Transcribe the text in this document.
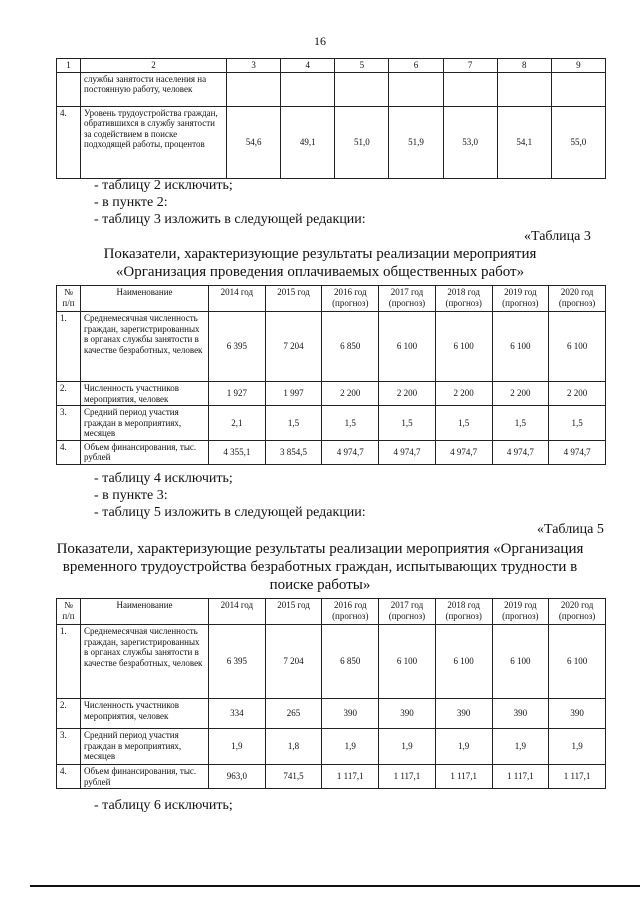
16
1	2	3	4	5	6	7	8	9
	службы занятости населения на постоянную работу, человек							
4.	Уровень трудоустройства граждан, обратившихся в службу занятости за содействием в поиске подходящей работы, процентов	54,6	49,1	51,0	51,9	53,0	54,1	55,0
- таблицу 2 исключить;
- в пункте 2:
- таблицу 3 изложить в следующей редакции:
«Таблица 3
Показатели, характеризующие результаты реализации мероприятия
«Организация проведения оплачиваемых общественных работ»
№ п/п	Наименование	2014 год	2015 год	2016 год (прогноз)	2017 год (прогноз)	2018 год (прогноз)	2019 год (прогноз)	2020 год (прогноз)
1.	Среднемесячная численность граждан, зарегистрированных в органах службы занятости в качестве безработных, человек	6 395	7 204	6 850	6 100	6 100	6 100	6 100
2.	Численность участников мероприятия, человек	1 927	1 997	2 200	2 200	2 200	2 200	2 200
3.	Средний период участия граждан в мероприятиях, месяцев	2,1	1,5	1,5	1,5	1,5	1,5	1,5
4.	Объем финансирования, тыс. рублей	4 355,1	3 854,5	4 974,7	4 974,7	4 974,7	4 974,7	4 974,7
- таблицу 4 исключить;
- в пункте 3:
- таблицу 5 изложить в следующей редакции:
«Таблица 5
Показатели, характеризующие результаты реализации мероприятия «Организация
временного трудоустройства безработных граждан, испытывающих трудности в
поиске работы»
№ п/п	Наименование	2014 год	2015 год	2016 год (прогноз)	2017 год (прогноз)	2018 год (прогноз)	2019 год (прогноз)	2020 год (прогноз)
1.	Среднемесячная численность граждан, зарегистрированных в органах службы занятости в качестве безработных, человек	6 395	7 204	6 850	6 100	6 100	6 100	6 100
2.	Численность участников мероприятия, человек	334	265	390	390	390	390	390
3.	Средний период участия граждан в мероприятиях, месяцев	1,9	1,8	1,9	1,9	1,9	1,9	1,9
4.	Объем финансирования, тыс. рублей	963,0	741,5	1 117,1	1 117,1	1 117,1	1 117,1	1 117,1
- таблицу 6 исключить;
